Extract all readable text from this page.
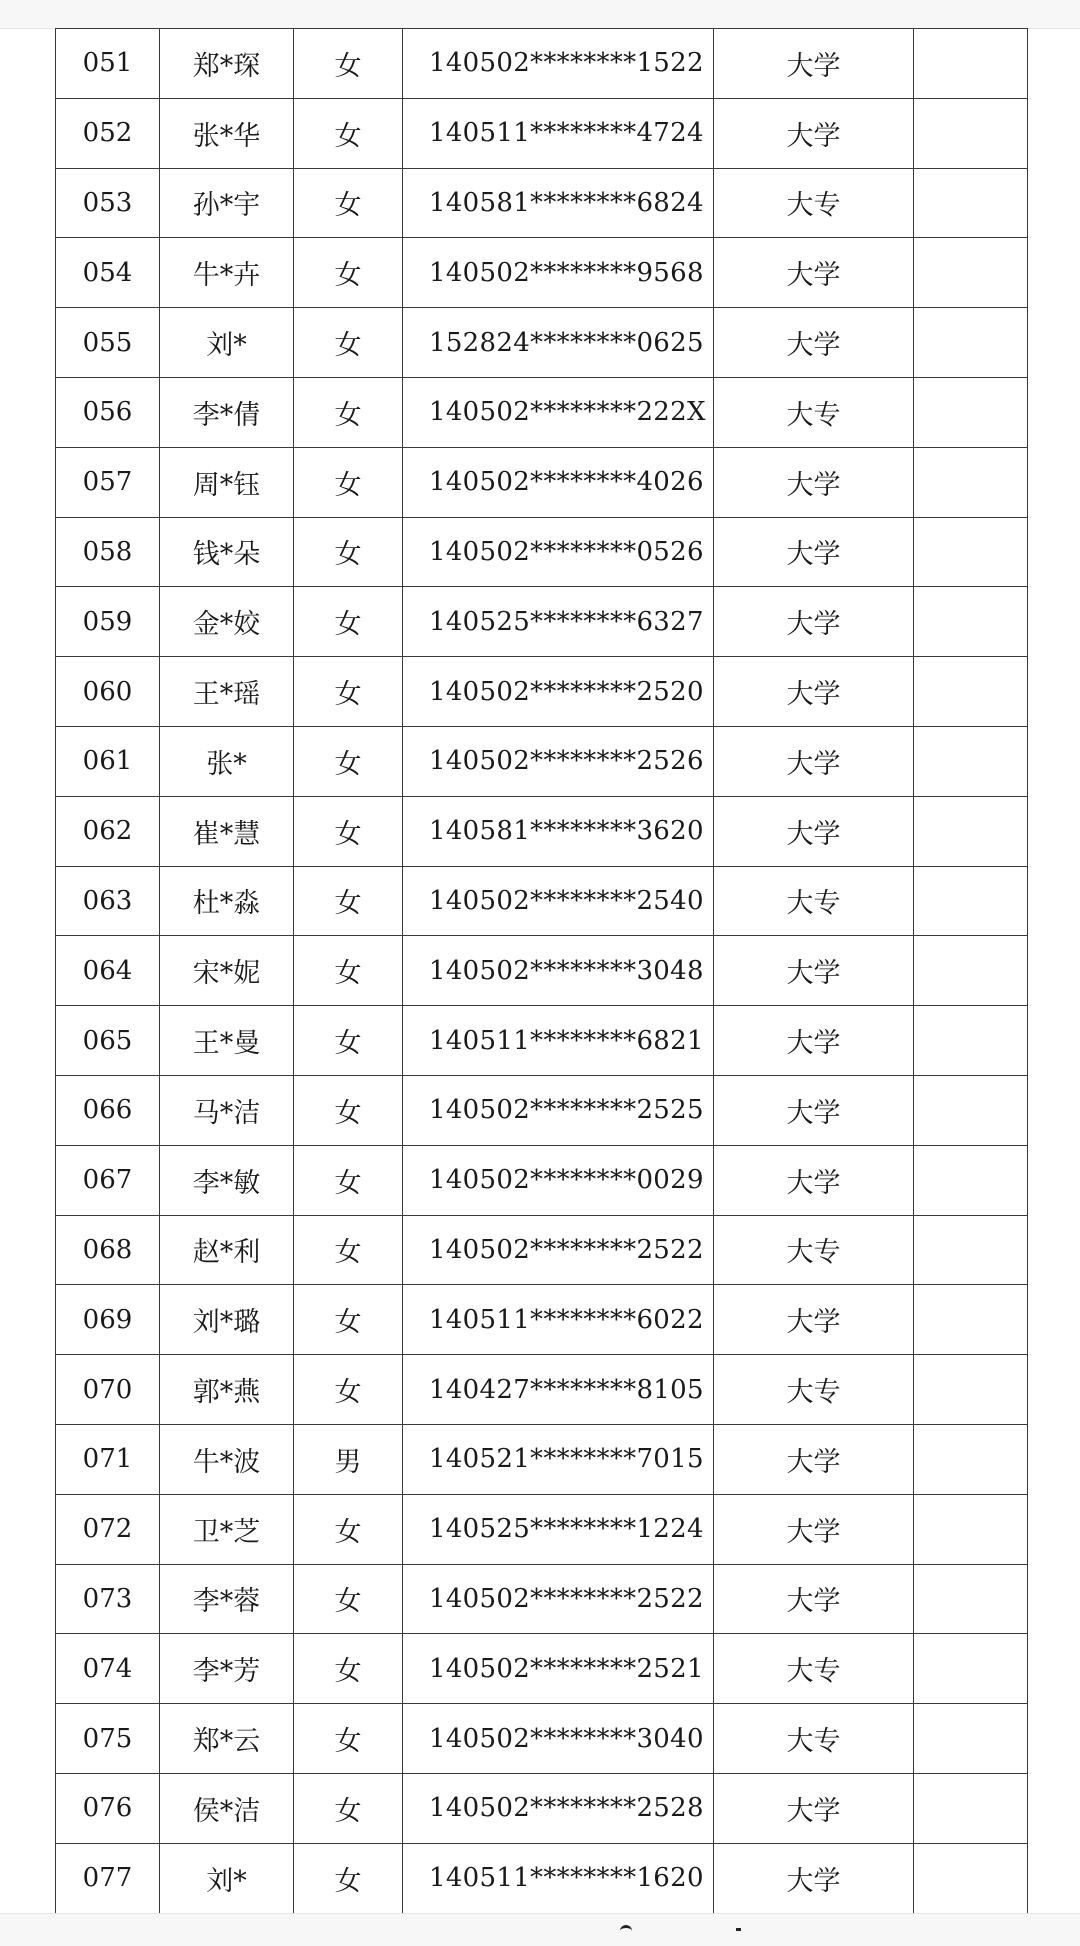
051	郑*琛	女	140502********1522	大学	
052	张*华	女	140511********4724	大学	
053	孙*宇	女	140581********6824	大专	
054	牛*卉	女	140502********9568	大学	
055	刘*	女	152824********0625	大学	
056	李*倩	女	140502********222X	大专	
057	周*钰	女	140502********4026	大学	
058	钱*朵	女	140502********0526	大学	
059	金*姣	女	140525********6327	大学	
060	王*瑶	女	140502********2520	大学	
061	张*	女	140502********2526	大学	
062	崔*慧	女	140581********3620	大学	
063	杜*淼	女	140502********2540	大专	
064	宋*妮	女	140502********3048	大学	
065	王*曼	女	140511********6821	大学	
066	马*洁	女	140502********2525	大学	
067	李*敏	女	140502********0029	大学	
068	赵*利	女	140502********2522	大专	
069	刘*璐	女	140511********6022	大学	
070	郭*燕	女	140427********8105	大专	
071	牛*波	男	140521********7015	大学	
072	卫*芝	女	140525********1224	大学	
073	李*蓉	女	140502********2522	大学	
074	李*芳	女	140502********2521	大专	
075	郑*云	女	140502********3040	大专	
076	侯*洁	女	140502********2528	大学	
077	刘*	女	140511********1620	大学	
